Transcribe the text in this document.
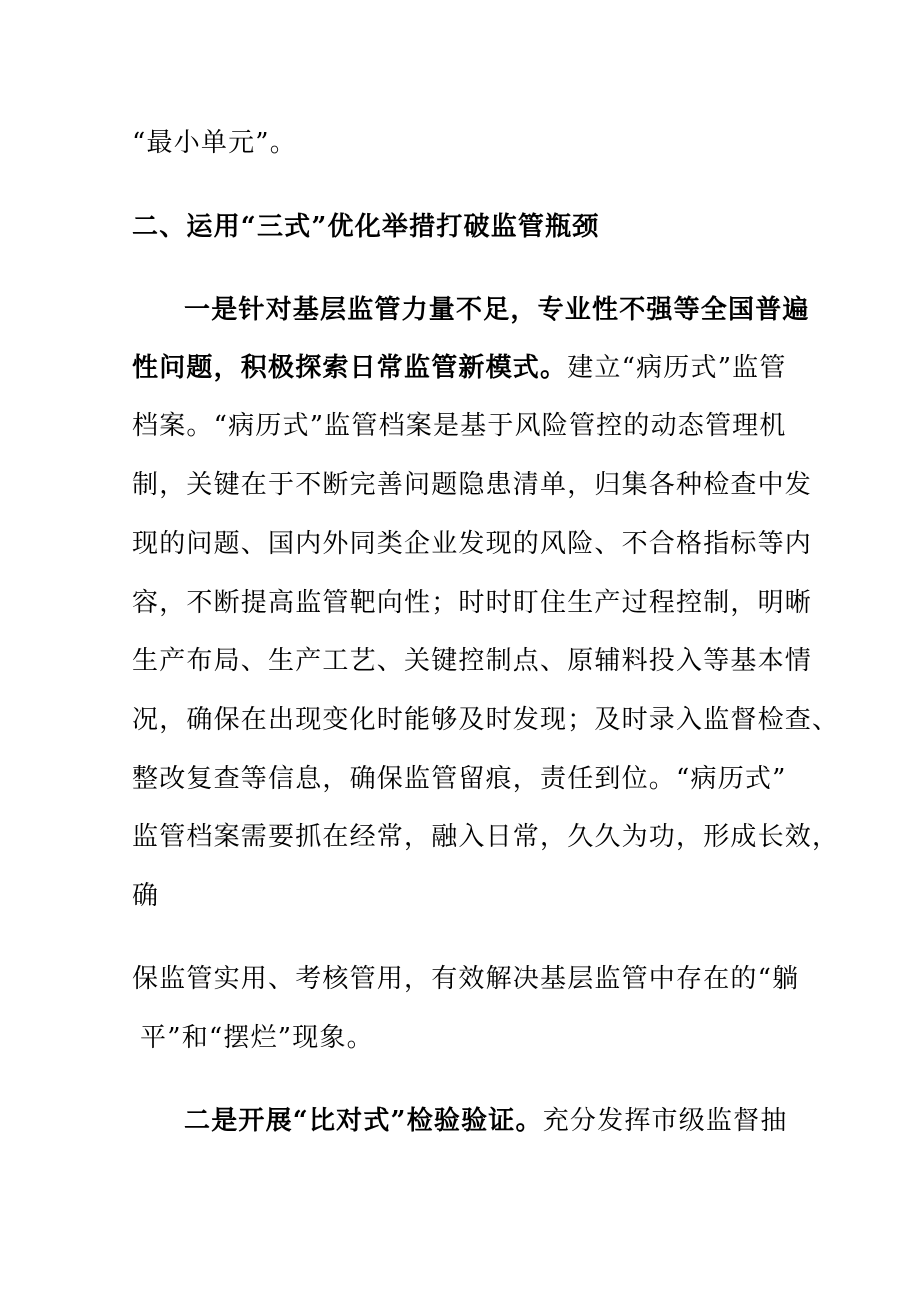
“最小单元”。
二、运用“三式”优化举措打破监管瓶颈
一是针对基层监管力量不足，专业性不强等全国普遍
性问题，积极探索日常监管新模式。建立“病历式”监管
档案。“病历式”监管档案是基于风险管控的动态管理机
制，关键在于不断完善问题隐患清单，归集各种检查中发
现的问题、国内外同类企业发现的风险、不合格指标等内
容，不断提高监管靶向性；时时盯住生产过程控制，明晰
生产布局、生产工艺、关键控制点、原辅料投入等基本情
况，确保在出现变化时能够及时发现；及时录入监督检查、
整改复查等信息，确保监管留痕，责任到位。“病历式”
监管档案需要抓在经常，融入日常，久久为功，形成长效，
确
保监管实用、考核管用，有效解决基层监管中存在的“躺
平”和“摆烂”现象。
二是开展“比对式”检验验证。充分发挥市级监督抽
